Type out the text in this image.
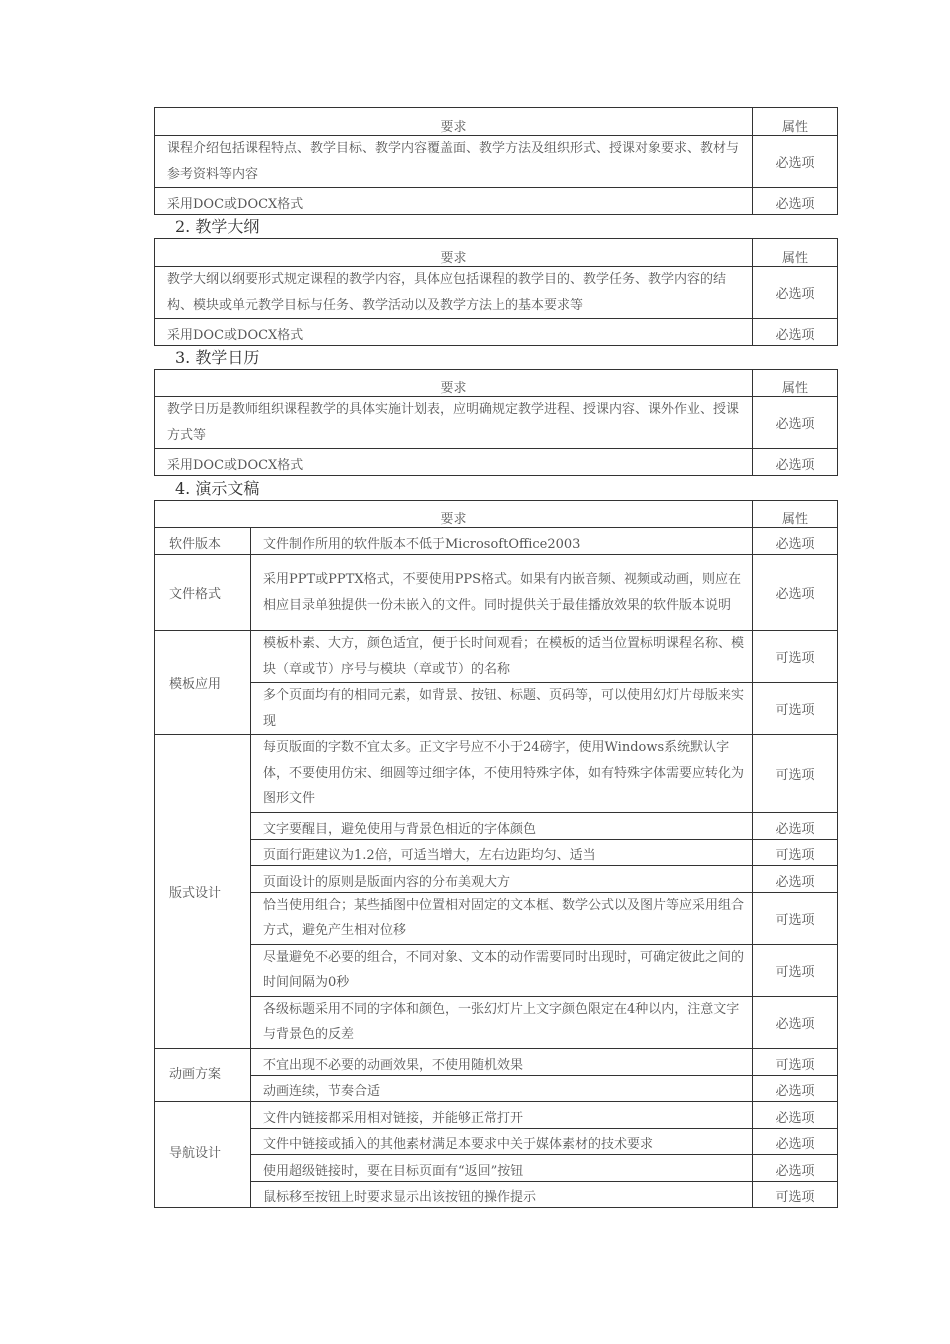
要求	属性
课程介绍包括课程特点、教学目标、教学内容覆盖面、教学方法及组织形式、授课对象要求、教材与参考资料等内容	必选项
采用DOC或DOCX格式	必选项
2. 教学大纲
要求	属性
教学大纲以纲要形式规定课程的教学内容，具体应包括课程的教学目的、教学任务、教学内容的结构、模块或单元教学目标与任务、教学活动以及教学方法上的基本要求等	必选项
采用DOC或DOCX格式	必选项
3. 教学日历
要求	属性
教学日历是教师组织课程教学的具体实施计划表，应明确规定教学进程、授课内容、课外作业、授课方式等	必选项
采用DOC或DOCX格式	必选项
4. 演示文稿
要求		属性
软件版本	文件制作所用的软件版本不低于MicrosoftOffice2003	必选项
文件格式	采用PPT或PPTX格式，不要使用PPS格式。如果有内嵌音频、视频或动画，则应在相应目录单独提供一份未嵌入的文件。同时提供关于最佳播放效果的软件版本说明	必选项
模板应用	模板朴素、大方，颜色适宜，便于长时间观看；在模板的适当位置标明课程名称、模块（章或节）序号与模块（章或节）的名称	可选项
	多个页面均有的相同元素，如背景、按钮、标题、页码等，可以使用幻灯片母版来实现	可选项
版式设计	每页版面的字数不宜太多。正文字号应不小于24磅字，使用Windows系统默认字体，不要使用仿宋、细圆等过细字体，不使用特殊字体，如有特殊字体需要应转化为图形文件	可选项
	文字要醒目，避免使用与背景色相近的字体颜色	必选项
	页面行距建议为1.2倍，可适当增大，左右边距均匀、适当	可选项
	页面设计的原则是版面内容的分布美观大方	必选项
	恰当使用组合；某些插图中位置相对固定的文本框、数学公式以及图片等应采用组合方式，避免产生相对位移	可选项
	尽量避免不必要的组合，不同对象、文本的动作需要同时出现时，可确定彼此之间的时间间隔为0秒	可选项
	各级标题采用不同的字体和颜色，一张幻灯片上文字颜色限定在4种以内，注意文字与背景色的反差	必选项
动画方案	不宜出现不必要的动画效果，不使用随机效果	可选项
	动画连续，节奏合适	必选项
导航设计	文件内链接都采用相对链接，并能够正常打开	必选项
	文件中链接或插入的其他素材满足本要求中关于媒体素材的技术要求	必选项
	使用超级链接时，要在目标页面有“返回”按钮	必选项
	鼠标移至按钮上时要求显示出该按钮的操作提示	可选项
